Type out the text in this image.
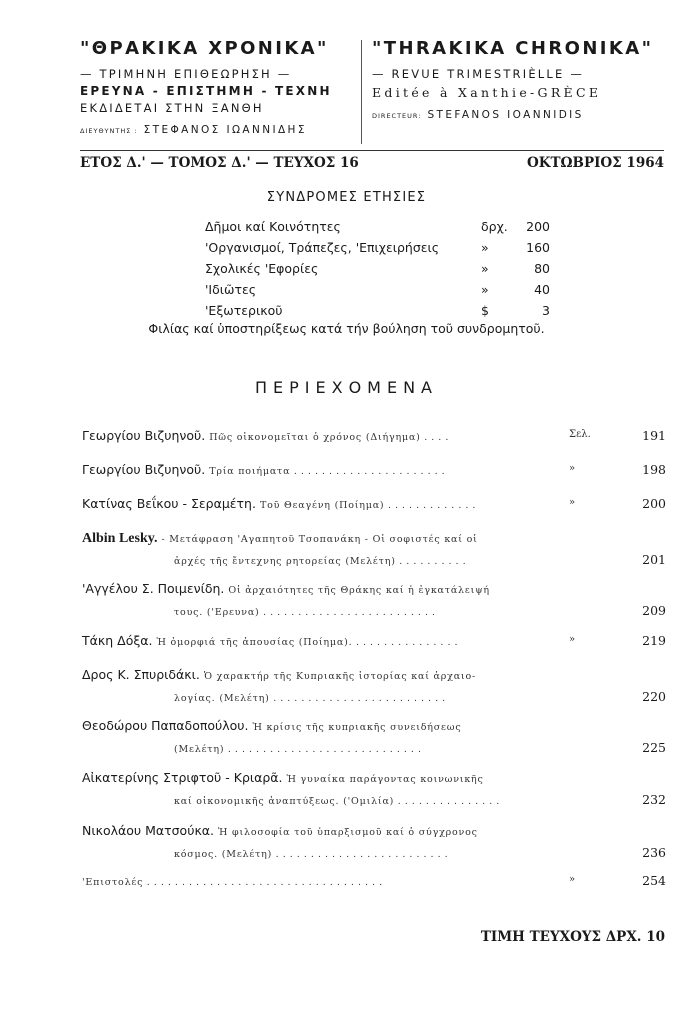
"ΘΡΑΚΙΚΑ ΧΡΟΝΙΚΑ"
— ΤΡΙΜΗΝΗ ΕΠΙΘΕΩΡΗΣΗ —
ΕΡΕΥΝΑ - ΕΠΙΣΤΗΜΗ - ΤΕΧΝΗ
ΕΚΔΙΔΕΤΑΙ ΣΤΗΝ ΞΑΝΘΗ
ΔΙΕΥΘΥΝΤΗΣ : ΣΤΕΦΑΝΟΣ ΙΩΑΝΝΙΔΗΣ
"THRAKIKA CHRONIKA"
— REVUE TRIMESTRIÈLLE —
Editée à Xanthie-GRÈCE
DIRECTEUR: STEFANOS IOANNIDIS
ΕΤΟΣ Δ.' — ΤΟΜΟΣ Δ.' — ΤΕΥΧΟΣ 16	ΟΚΤΩΒΡΙΟΣ 1964
ΣΥΝΔΡΟΜΕΣ ΕΤΗΣΙΕΣ
Δῆμοι καί Κοινότητες	δρχ. 200
'Οργανισμοί, Τράπεζες, 'Επιχειρήσεις	»	160
Σχολικές 'Εφορίες	»	80
'Ιδιῶτες	»	40
'Εξωτερικοῦ	$	3
Φιλίας καί ὑποστηρίξεως κατά τήν βούληση τοῦ συνδρομητοῦ.
ΠΕΡΙΕΧΟΜΕΝΑ
Γεωργίου Βιζυηνοῦ. Πῶς οἰκονομεῖται ὁ χρόνος (Διήγημα) . . . .	Σελ.	191
Γεωργίου Βιζυηνοῦ. Τρία ποιήματα . . . . . . . . . . . . . . . . . . . . . .	»	198
Κατίνας Βεΐκου - Σεραμέτη. Τοῦ Θεαγένη (Ποίημα) . . . . . . . . . . . . .	»	200
Albin Lesky. - Μετάφραση 'Αγαπητοῦ Τσοπανάκη - Οἱ σοφιστές καί οἱ
ἀρχές τῆς ἔντεχνης ρητορείας (Μελέτη) . . . . . . . . . .	201
'Αγγέλου Σ. Ποιμενίδη. Οἱ ἀρχαιότητες τῆς Θράκης καί ἡ ἐγκατάλειψή
τους. ('Ερευνα) . . . . . . . . . . . . . . . . . . . . . . . . .	209
Τάκη Δόξα. Ἡ ὀμορφιά τῆς ἀπουσίας (Ποίημα). . . . . . . . . . . . . . . .	»	219
Δρος Κ. Σπυριδάκι. Ὁ χαρακτήρ τῆς Κυπριακῆς ἱστορίας καί ἀρχαιο-
λογίας. (Μελέτη) . . . . . . . . . . . . . . . . . . . . . . . . .	220
Θεοδώρου Παπαδοπούλου. Ἡ κρίσις τῆς κυπριακῆς συνειδήσεως
(Μελέτη) . . . . . . . . . . . . . . . . . . . . . . . . . . . .	225
Αἰκατερίνης Στριφτοῦ - Κριαρᾶ. Ἡ γυναίκα παράγοντας κοινωνικῆς
καί οἰκονομικῆς ἀναπτύξεως. ('Ομιλία) . . . . . . . . . . . . . . .	232
Νικολάου Ματσούκα. Ἡ φιλοσοφία τοῦ ὑπαρξισμοῦ καί ὁ σύγχρονος
κόσμος. (Μελέτη) . . . . . . . . . . . . . . . . . . . . . . . . .	236
'Επιστολές . . . . . . . . . . . . . . . . . . . . . . . . . . . . . . . . . .	»	254
ΤΙΜΗ ΤΕΥΧΟΥΣ ΔΡΧ. 10
